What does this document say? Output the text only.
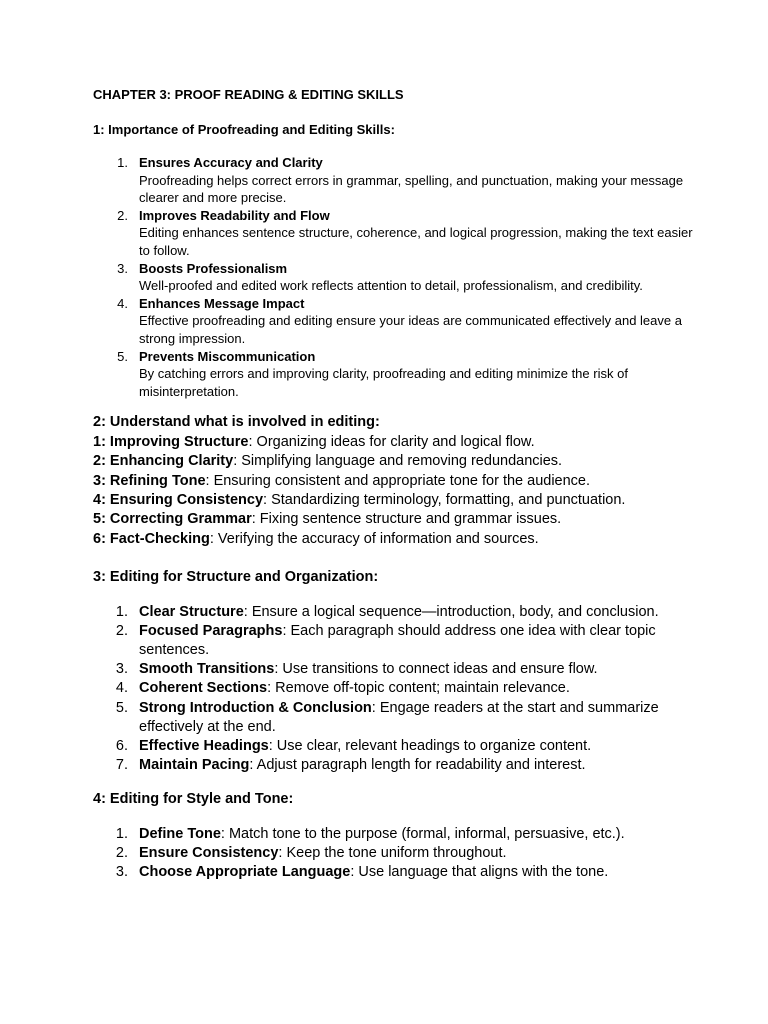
CHAPTER 3: PROOF READING & EDITING SKILLS

1: Importance of Proofreading and Editing Skills:

1. Ensures Accuracy and Clarity
Proofreading helps correct errors in grammar, spelling, and punctuation, making your message clearer and more precise.
2. Improves Readability and Flow
Editing enhances sentence structure, coherence, and logical progression, making the text easier to follow.
3. Boosts Professionalism
Well-proofed and edited work reflects attention to detail, professionalism, and credibility.
4. Enhances Message Impact
Effective proofreading and editing ensure your ideas are communicated effectively and leave a strong impression.
5. Prevents Miscommunication
By catching errors and improving clarity, proofreading and editing minimize the risk of misinterpretation.

2: Understand what is involved in editing:

1: Improving Structure: Organizing ideas for clarity and logical flow.
2: Enhancing Clarity: Simplifying language and removing redundancies.
3: Refining Tone: Ensuring consistent and appropriate tone for the audience.
4: Ensuring Consistency: Standardizing terminology, formatting, and punctuation.
5: Correcting Grammar: Fixing sentence structure and grammar issues.
6: Fact-Checking: Verifying the accuracy of information and sources.

3: Editing for Structure and Organization:

1. Clear Structure: Ensure a logical sequence—introduction, body, and conclusion.
2. Focused Paragraphs: Each paragraph should address one idea with clear topic sentences.
3. Smooth Transitions: Use transitions to connect ideas and ensure flow.
4. Coherent Sections: Remove off-topic content; maintain relevance.
5. Strong Introduction & Conclusion: Engage readers at the start and summarize effectively at the end.
6. Effective Headings: Use clear, relevant headings to organize content.
7. Maintain Pacing: Adjust paragraph length for readability and interest.

4: Editing for Style and Tone:

1. Define Tone: Match tone to the purpose (formal, informal, persuasive, etc.).
2. Ensure Consistency: Keep the tone uniform throughout.
3. Choose Appropriate Language: Use language that aligns with the tone.
